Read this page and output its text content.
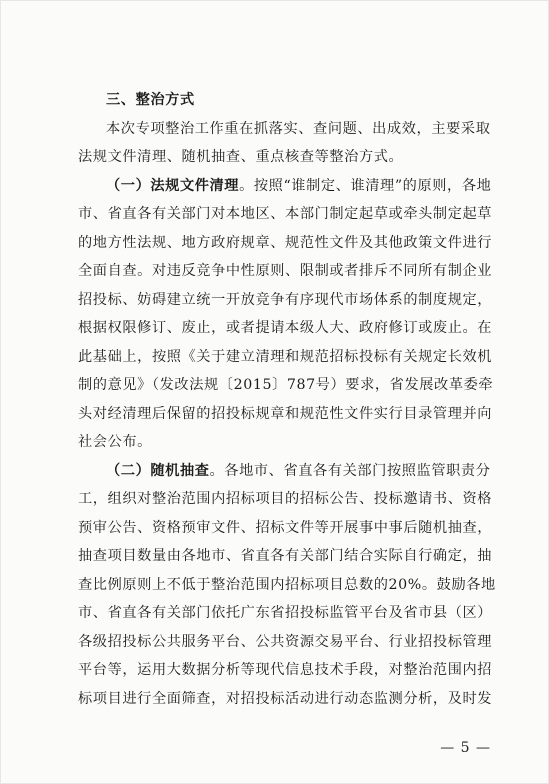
三、整治方式
本次专项整治工作重在抓落实、查问题、出成效，主要采取
法规文件清理、随机抽查、重点核查等整治方式。
（一）法规文件清理。按照“谁制定、谁清理”的原则，各地
市、省直各有关部门对本地区、本部门制定起草或牵头制定起草
的地方性法规、地方政府规章、规范性文件及其他政策文件进行
全面自查。对违反竞争中性原则、限制或者排斥不同所有制企业
招投标、妨碍建立统一开放竞争有序现代市场体系的制度规定，
根据权限修订、废止，或者提请本级人大、政府修订或废止。在
此基础上，按照《关于建立清理和规范招标投标有关规定长效机
制的意见》（发改法规〔2015〕787号）要求，省发展改革委牵
头对经清理后保留的招投标规章和规范性文件实行目录管理并向
社会公布。
（二）随机抽查。各地市、省直各有关部门按照监管职责分
工，组织对整治范围内招标项目的招标公告、投标邀请书、资格
预审公告、资格预审文件、招标文件等开展事中事后随机抽查，
抽查项目数量由各地市、省直各有关部门结合实际自行确定，抽
查比例原则上不低于整治范围内招标项目总数的20%。鼓励各地
市、省直各有关部门依托广东省招投标监管平台及省市县（区）
各级招投标公共服务平台、公共资源交易平台、行业招投标管理
平台等，运用大数据分析等现代信息技术手段，对整治范围内招
标项目进行全面筛查，对招投标活动进行动态监测分析，及时发
— 5 —
